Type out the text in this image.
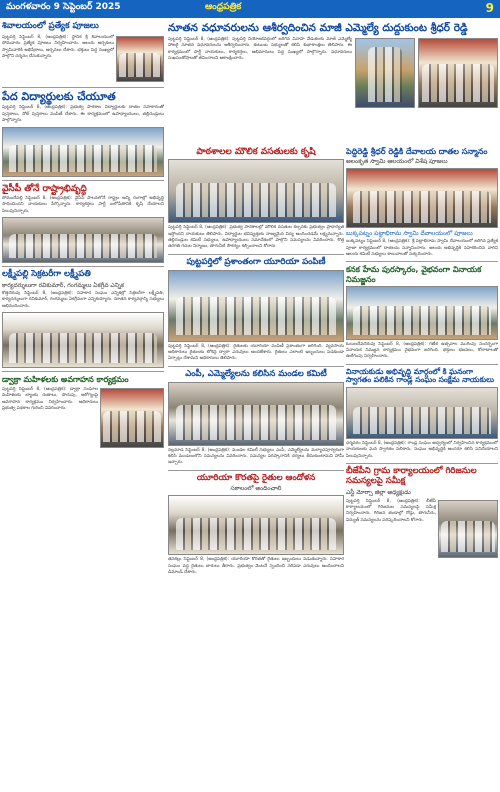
మంగళవారం 9 సెప్టెంబర్ 2025	ఆంధ్రపత్రిక	9
శివాలయంలో ప్రత్యేక పూజలు
పుట్టపర్తి సెప్టెంబర్ 8, (ఆంధ్రపత్రిక): స్థానిక శ్రీ శివాలయంలో సోమవారం ప్రత్యేక పూజలు నిర్వహించారు. ఆలయ అర్చకులు స్వామివారికి అభిషేకాలు, అర్చనలు చేశారు. భక్తులు పెద్ద సంఖ్యలో పాల్గొని దర్శనం చేసుకున్నారు.
పేద విద్యార్థులకు చేయూత
పుట్టపర్తి సెప్టెంబర్ 8, (ఆంధ్రపత్రిక): ప్రభుత్వ పాఠశాల విద్యార్థులకు దాతల సహకారంతో పుస్తకాలు, నోట్ పుస్తకాలు పంపిణీ చేశారు. ఈ కార్యక్రమంలో ఉపాధ్యాయులు, తల్లిదండ్రులు పాల్గొన్నారు.
వైసీపీ తోనే రాష్ట్రాభివృద్ధి
సోమందేపల్లి సెప్టెంబర్ 8, (ఆంధ్రపత్రిక): వైసీపీ పాలనలోనే రాష్ట్రం అన్ని రంగాల్లో అభివృద్ధి సాధించిందని నాయకులు పేర్కొన్నారు. కార్యకర్తలు పార్టీ బలోపేతానికి కృషి చేయాలని పిలుపునిచ్చారు.
లక్ష్మీపల్లి సెక్రటరీగా లక్ష్మీపతి
కార్యదర్శులుగా రవికుమార్, గంగమ్మలు ఏకగ్రీవ ఎన్నిక
కొత్తచెరువు సెప్టెంబర్ 8, (ఆంధ్రపత్రిక): సహకార సంఘం ఎన్నికల్లో సెక్రటరీగా లక్ష్మీపతి, కార్యదర్శులుగా రవికుమార్, గంగమ్మలు ఏకగ్రీవంగా ఎన్నికయ్యారు. నూతన కార్యవర్గాన్ని సభ్యులు అభినందించారు.
డ్వాక్రా మహిళలకు అవగాహన కార్యక్రమం
పుట్టపర్తి సెప్టెంబర్ 8, (ఆంధ్రపత్రిక): డ్వాక్రా సంఘాల మహిళలకు బ్యాంకు రుణాలు, పొదుపు, ఆరోగ్యంపై అవగాహన కార్యక్రమం నిర్వహించారు. అధికారులు ప్రభుత్వ పథకాల గురించి వివరించారు.
నూతన వధూవరులను ఆశీర్వదించిన మాజీ ఎమ్మెల్యే దుద్దుకుంట శ్రీధర్ రెడ్డి
పుట్టపర్తి సెప్టెంబర్ 8, (ఆంధ్రపత్రిక): పుట్టపర్తి నియోజకవర్గంలో జరిగిన వివాహ వేడుకలకు మాజీ ఎమ్మెల్యే హాజరై నూతన వధూవరులను ఆశీర్వదించారు. కుటుంబ సభ్యులతో కలిసి శుభాకాంక్షలు తెలిపారు. ఈ కార్యక్రమంలో పార్టీ నాయకులు, కార్యకర్తలు, అభిమానులు పెద్ద సంఖ్యలో పాల్గొన్నారు. వధూవరులు సుఖసంతోషాలతో జీవించాలని ఆకాంక్షించారు.
పాఠశాలల మౌలిక వసతులకు కృషి
పుట్టపర్తి సెప్టెంబర్ 8, (ఆంధ్రపత్రిక): ప్రభుత్వ పాఠశాలల్లో మౌలిక వసతుల కల్పనకు ప్రభుత్వం ప్రాధాన్యత ఇస్తోందని నాయకులు తెలిపారు. విద్యార్థుల భవిష్యత్తుకు నాణ్యమైన విద్య అందించడమే లక్ష్యమన్నారు. తల్లిదండ్రుల కమిటీ సభ్యులు, ఉపాధ్యాయులు సమావేశంలో పాల్గొని సమస్యలను వివరించారు. కొత్త తరగతి గదుల నిర్మాణం, తాగునీటి సౌకర్యం కల్పించాలని కోరారు.
పుట్టపర్తిలో ప్రశాంతంగా యూరియా పంపిణీ
పుట్టపర్తి సెప్టెంబర్ 8, (ఆంధ్రపత్రిక): రైతులకు యూరియా పంపిణీ ప్రశాంతంగా జరిగింది. వ్యవసాయ అధికారులు రైతులకు టోకెన్ల ద్వారా ఎరువులు అందజేశారు. రైతులు ఎలాంటి ఇబ్బందులు పడకుండా ఏర్పాట్లు చేశామని అధికారులు తెలిపారు.
ఎంపీ, ఎమ్మెల్యేలను కలిసిన మండల కమిటీ
నల్లమాడ సెప్టెంబర్ 8, (ఆంధ్రపత్రిక): మండల కమిటీ సభ్యులు ఎంపీ, ఎమ్మెల్యేలను మర్యాదపూర్వకంగా కలిసి మండలంలోని సమస్యలను వివరించారు. సమస్యల పరిష్కారానికి చర్యలు తీసుకుంటామని హామీ ఇచ్చారు.
యూరియా కొరతపై రైతుల ఆందోళన
సకాలంలో అందించాలి
తనకల్లు సెప్టెంబర్ 8, (ఆంధ్రపత్రిక): యూరియా కొరతతో రైతులు ఇబ్బందులు పడుతున్నారు. సహకార సంఘం వద్ద రైతులు బారులు తీరారు. ప్రభుత్వం వెంటనే స్పందించి సరిపడా ఎరువులు అందించాలని డిమాండ్ చేశారు.
పెద్దిరెడ్డి శ్రీధర్ రెడ్డికి దేవాలయ దాతల సన్మానం
అలంకృత స్వామి ఆలయంలో విశేష పూజలు
బుక్కపట్నం పట్టాభిరామ స్వామి దేవాలయంలో పూజలు
బుక్కపట్నం సెప్టెంబర్ 8, (ఆంధ్రపత్రిక): శ్రీ పట్టాభిరామ స్వామి దేవాలయంలో జరిగిన ప్రత్యేక పూజా కార్యక్రమంలో దాతలను సన్మానించారు. ఆలయ అభివృద్ధికి సహకరించిన వారిని ఆలయ కమిటీ సభ్యులు శాలువాలతో సత్కరించారు.
కనక హేమ పురస్కారం, వైభవంగా వినాయక నిమజ్జనం
ఓబులదేవచెరువు సెప్టెంబర్ 8, (ఆంధ్రపత్రిక): గణేశ ఉత్సవాల ముగింపు సందర్భంగా వినాయక నిమజ్జన కార్యక్రమం వైభవంగా జరిగింది. భక్తులు భజనలు, కోలాటాలతో ఊరేగింపు నిర్వహించారు.
వినాయకుడు అభివృద్ధి మార్గంలో కి ఘనంగా స్వాగతం పలికిన గాండ్ల సంఘం సంక్షేమ నాయకులు
ధర్మవరం సెప్టెంబర్ 8, (ఆంధ్రపత్రిక): గాండ్ల సంఘం ఆధ్వర్యంలో నిర్వహించిన కార్యక్రమంలో నాయకులకు ఘన స్వాగతం పలికారు. సంఘం అభివృద్ధికి అందరూ కలిసి పనిచేయాలని పిలుపునిచ్చారు.
బీజేపీని గ్రామ కార్యాలయంలో గిరిజనుల సమస్యలపై సమీక్ష
ఎస్టీ మోర్చా జిల్లా అధ్యక్షుడు
పుట్టపర్తి సెప్టెంబర్ 8, (ఆంధ్రపత్రిక): బీజేపీ కార్యాలయంలో గిరిజనుల సమస్యలపై సమీక్ష నిర్వహించారు. గిరిజన తండాల్లో రోడ్లు, తాగునీరు, విద్యుత్ సమస్యలను పరిష్కరించాలని కోరారు.
